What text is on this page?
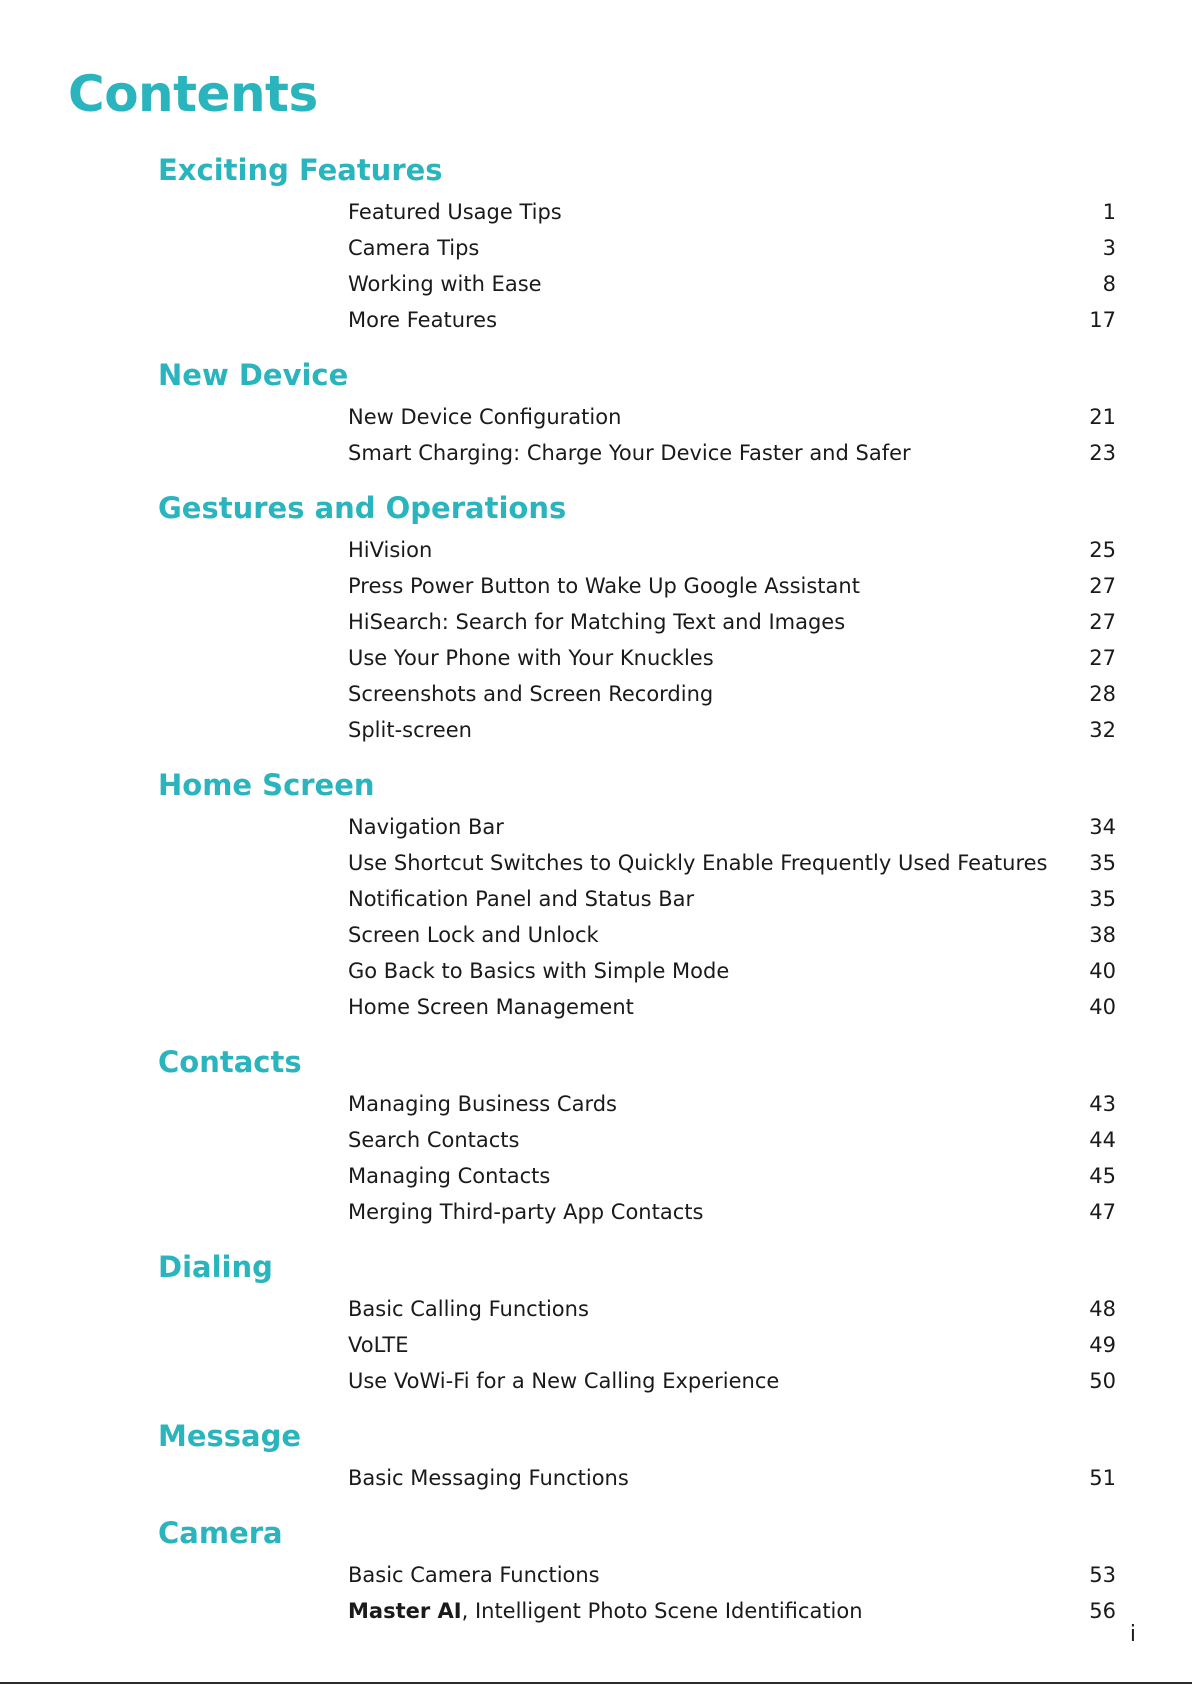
Contents
Exciting Features
Featured Usage Tips	1
Camera Tips	3
Working with Ease	8
More Features	17
New Device
New Device Configuration	21
Smart Charging: Charge Your Device Faster and Safer	23
Gestures and Operations
HiVision	25
Press Power Button to Wake Up Google Assistant	27
HiSearch: Search for Matching Text and Images	27
Use Your Phone with Your Knuckles	27
Screenshots and Screen Recording	28
Split-screen	32
Home Screen
Navigation Bar	34
Use Shortcut Switches to Quickly Enable Frequently Used Features 35
Notification Panel and Status Bar	35
Screen Lock and Unlock	38
Go Back to Basics with Simple Mode	40
Home Screen Management	40
Contacts
Managing Business Cards	43
Search Contacts	44
Managing Contacts	45
Merging Third-party App Contacts	47
Dialing
Basic Calling Functions	48
VoLTE	49
Use VoWi-Fi for a New Calling Experience	50
Message
Basic Messaging Functions	51
Camera
Basic Camera Functions	53
Master AI, Intelligent Photo Scene Identification	56
i
